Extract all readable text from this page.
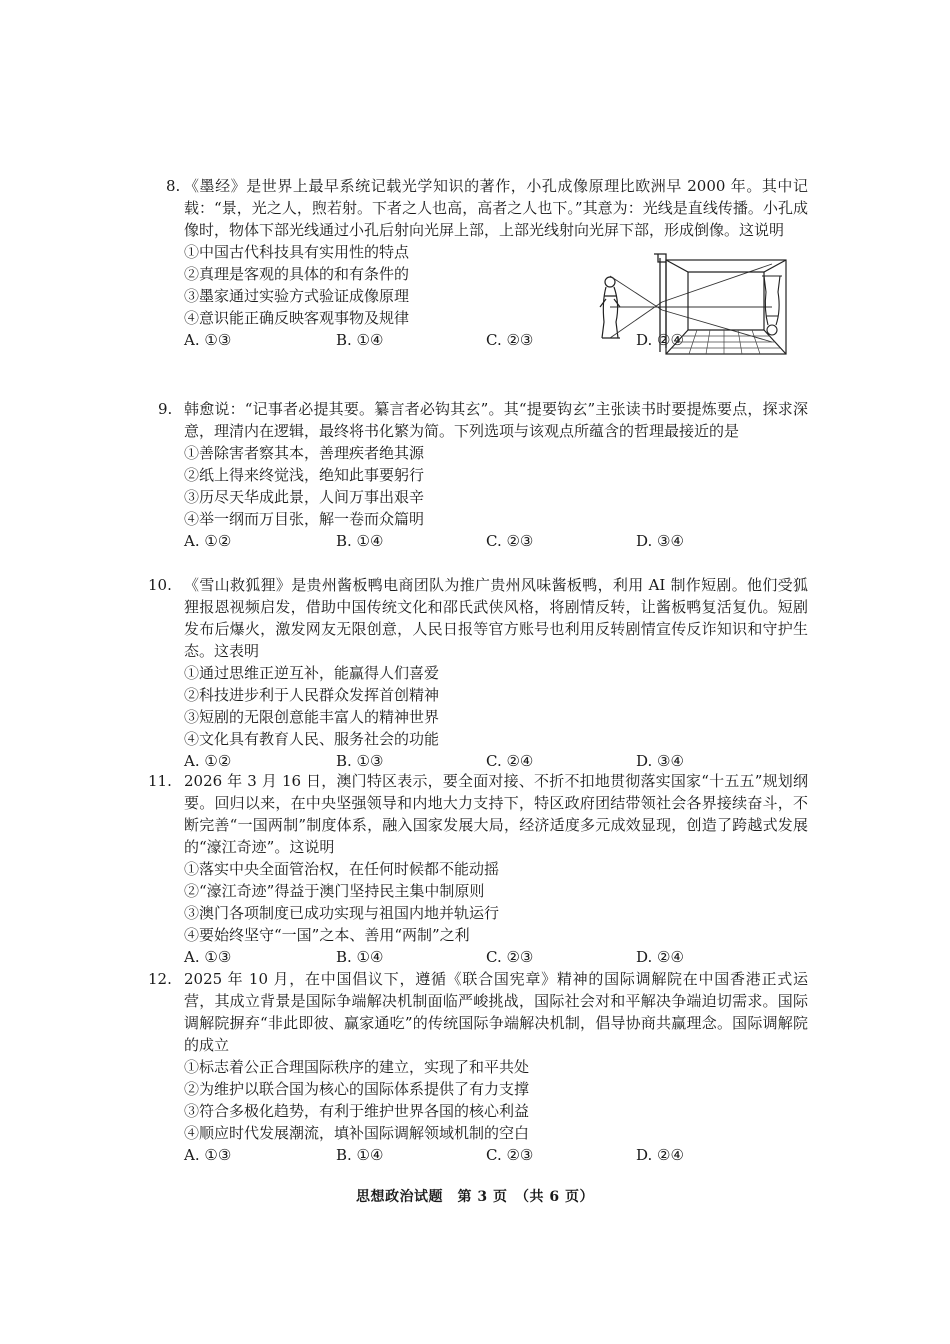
8. 《墨经》是世界上最早系统记载光学知识的著作，小孔成像原理比欧洲早 2000 年。其中记载：“景，光之人，煦若射。下者之人也高，高者之人也下。”其意为：光线是直线传播。小孔成像时，物体下部光线通过小孔后射向光屏上部，上部光线射向光屏下部，形成倒像。这说明
①中国古代科技具有实用性的特点
②真理是客观的具体的和有条件的
③墨家通过实验方式验证成像原理
④意识能正确反映客观事物及规律
A. ①③	B. ①④	C. ②③	D. ②④
9. 韩愈说：“记事者必提其要。纂言者必钩其玄”。其“提要钩玄”主张读书时要提炼要点，探求深意，理清内在逻辑，最终将书化繁为简。下列选项与该观点所蕴含的哲理最接近的是
①善除害者察其本，善理疾者绝其源
②纸上得来终觉浅，绝知此事要躬行
③历尽天华成此景，人间万事出艰辛
④举一纲而万目张，解一卷而众篇明
A. ①②	B. ①④	C. ②③	D. ③④
10. 《雪山救狐狸》是贵州酱板鸭电商团队为推广贵州风味酱板鸭，利用 AI 制作短剧。他们受狐狸报恩视频启发，借助中国传统文化和邵氏武侠风格，将剧情反转，让酱板鸭复活复仇。短剧发布后爆火，激发网友无限创意，人民日报等官方账号也利用反转剧情宣传反诈知识和守护生态。这表明
①通过思维正逆互补，能赢得人们喜爱
②科技进步利于人民群众发挥首创精神
③短剧的无限创意能丰富人的精神世界
④文化具有教育人民、服务社会的功能
A. ①②	B. ①③	C. ②④	D. ③④
11. 2026 年 3 月 16 日，澳门特区表示，要全面对接、不折不扣地贯彻落实国家“十五五”规划纲要。回归以来，在中央坚强领导和内地大力支持下，特区政府团结带领社会各界接续奋斗，不断完善“一国两制”制度体系，融入国家发展大局，经济适度多元成效显现，创造了跨越式发展的“濠江奇迹”。这说明
①落实中央全面管治权，在任何时候都不能动摇
②“濠江奇迹”得益于澳门坚持民主集中制原则
③澳门各项制度已成功实现与祖国内地并轨运行
④要始终坚守“一国”之本、善用“两制”之利
A. ①③	B. ①④	C. ②③	D. ②④
12. 2025 年 10 月，在中国倡议下，遵循《联合国宪章》精神的国际调解院在中国香港正式运营，其成立背景是国际争端解决机制面临严峻挑战，国际社会对和平解决争端迫切需求。国际调解院摒弃“非此即彼、赢家通吃”的传统国际争端解决机制，倡导协商共赢理念。国际调解院的成立
①标志着公正合理国际秩序的建立，实现了和平共处
②为维护以联合国为核心的国际体系提供了有力支撑
③符合多极化趋势，有利于维护世界各国的核心利益
④顺应时代发展潮流，填补国际调解领域机制的空白
A. ①③	B. ①④	C. ②③	D. ②④
思想政治试题　第 3 页　（共 6 页）
